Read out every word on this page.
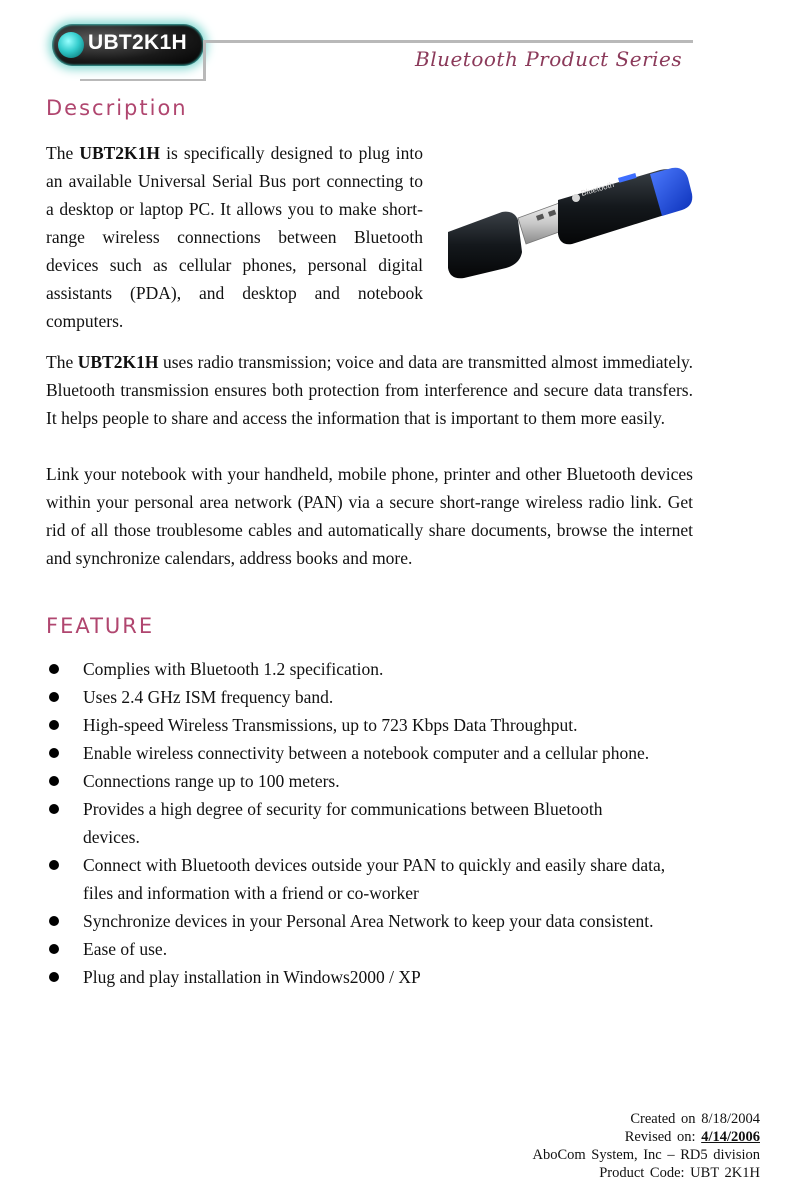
UBT2K1H
Bluetooth Product Series
Description
The UBT2K1H is specifically designed to plug into an available Universal Serial Bus port connecting to a desktop or laptop PC. It allows you to make short-range wireless connections between Bluetooth devices such as cellular phones, personal digital assistants (PDA), and desktop and notebook computers.
Bluetooth
The UBT2K1H uses radio transmission; voice and data are transmitted almost immediately. Bluetooth transmission ensures both protection from interference and secure data transfers. It helps people to share and access the information that is important to them more easily.
Link your notebook with your handheld, mobile phone, printer and other Bluetooth devices within your personal area network (PAN) via a secure short-range wireless radio link. Get rid of all those troublesome cables and automatically share documents, browse the internet and synchronize calendars, address books and more.
FEATURE
Complies with Bluetooth 1.2 specification.
Uses 2.4 GHz ISM frequency band.
High-speed Wireless Transmissions, up to 723 Kbps Data Throughput.
Enable wireless connectivity between a notebook computer and a cellular phone.
Connections range up to 100 meters.
Provides a high degree of security for communications between Bluetooth devices.
Connect with Bluetooth devices outside your PAN to quickly and easily share data, files and information with a friend or co-worker
Synchronize devices in your Personal Area Network to keep your data consistent.
Ease of use.
Plug and play installation in Windows2000 / XP
Created on 8/18/2004
Revised on: 4/14/2006
AboCom System, Inc – RD5 division
Product Code: UBT 2K1H
